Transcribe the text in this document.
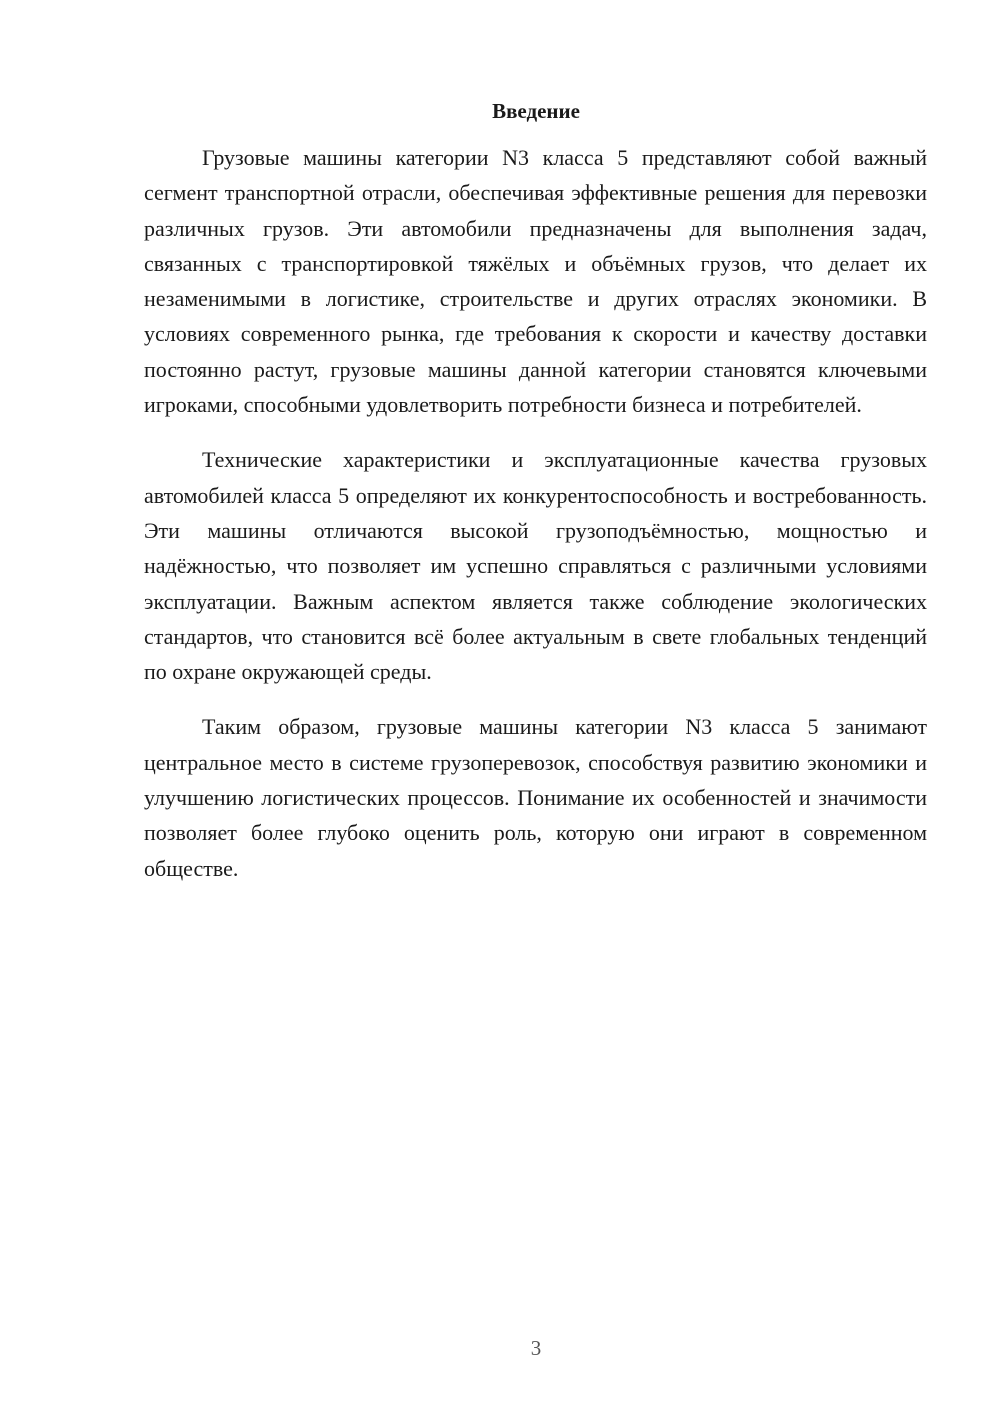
Введение

Грузовые машины категории N3 класса 5 представляют собой важный сегмент транспортной отрасли, обеспечивая эффективные решения для перевозки различных грузов. Эти автомобили предназначены для выполнения задач, связанных с транспортировкой тяжёлых и объёмных грузов, что делает их незаменимыми в логистике, строительстве и других отраслях экономики. В условиях современного рынка, где требования к скорости и качеству доставки постоянно растут, грузовые машины данной категории становятся ключевыми игроками, способными удовлетворить потребности бизнеса и потребителей.

Технические характеристики и эксплуатационные качества грузовых автомобилей класса 5 определяют их конкурентоспособность и востребованность. Эти машины отличаются высокой грузоподъёмностью, мощностью и надёжностью, что позволяет им успешно справляться с различными условиями эксплуатации. Важным аспектом является также соблюдение экологических стандартов, что становится всё более актуальным в свете глобальных тенденций по охране окружающей среды.

Таким образом, грузовые машины категории N3 класса 5 занимают центральное место в системе грузоперевозок, способствуя развитию экономики и улучшению логистических процессов. Понимание их особенностей и значимости позволяет более глубоко оценить роль, которую они играют в современном обществе.

3
